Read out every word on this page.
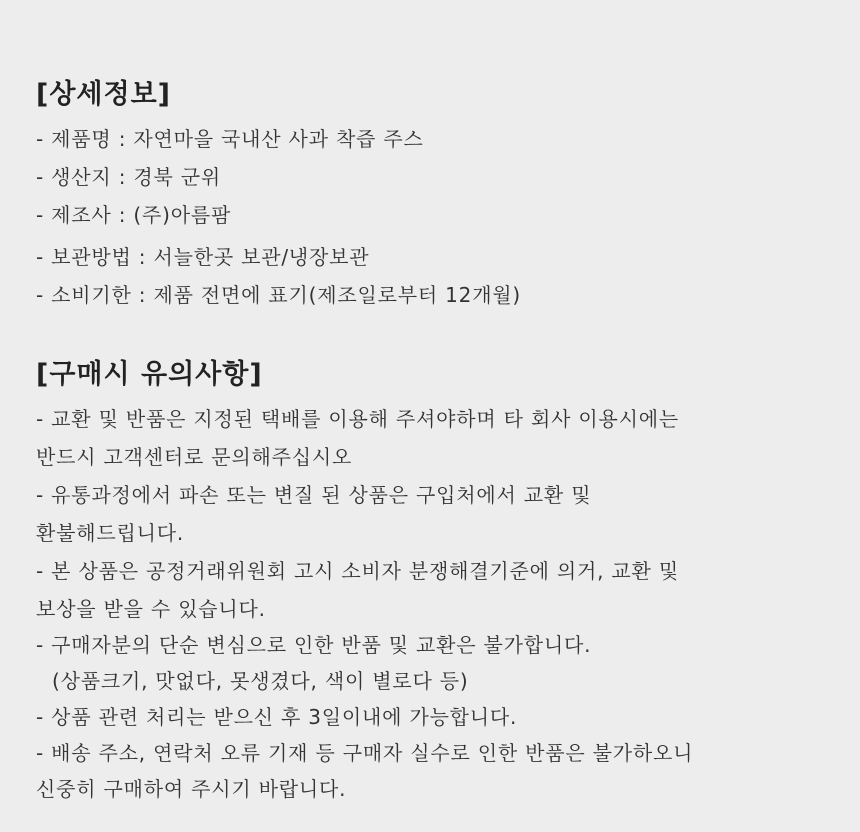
[상세정보]
- 제품명 : 자연마을 국내산 사과 착즙 주스
- 생산지 : 경북 군위
- 제조사 : (주)아름팜
- 보관방법 : 서늘한곳 보관/냉장보관
- 소비기한 : 제품 전면에 표기(제조일로부터 12개월)
[구매시 유의사항]
- 교환 및 반품은 지정된 택배를 이용해 주셔야하며 타 회사 이용시에는
반드시 고객센터로 문의해주십시오
- 유통과정에서 파손 또는 변질 된 상품은 구입처에서 교환 및
환불해드립니다.
- 본 상품은 공정거래위원회 고시 소비자 분쟁해결기준에 의거, 교환 및
보상을 받을 수 있습니다.
- 구매자분의 단순 변심으로 인한 반품 및 교환은 불가합니다.
(상품크기, 맛없다, 못생겼다, 색이 별로다 등)
- 상품 관련 처리는 받으신 후 3일이내에 가능합니다.
- 배송 주소, 연락처 오류 기재 등 구매자 실수로 인한 반품은 불가하오니
신중히 구매하여 주시기 바랍니다.
